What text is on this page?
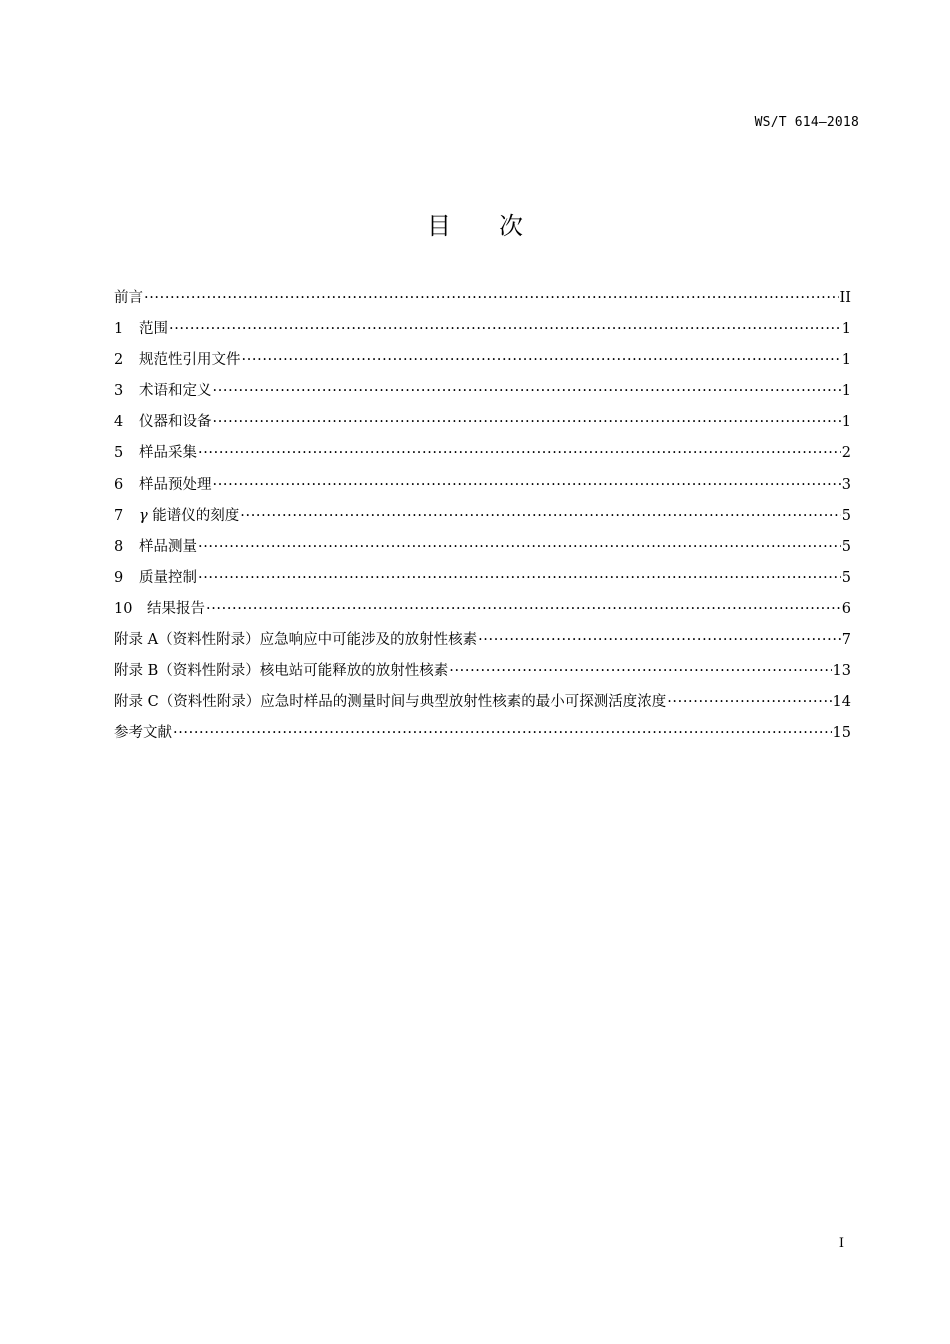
WS/T 614—2018
目 次
前言 ·····	II
1	范围 ·····	1
2	规范性引用文件 ·····	1
3	术语和定义 ·····	1
4	仪器和设备 ·····	1
5	样品采集 ·····	2
6	样品预处理 ·····	3
7	γ 能谱仪的刻度 ·····	5
8	样品测量 ·····	5
9	质量控制 ·····	5
10	结果报告 ·····	6
附录 A（资料性附录） 应急响应中可能涉及的放射性核素 ·····	7
附录 B（资料性附录） 核电站可能释放的放射性核素 ·····	13
附录 C（资料性附录） 应急时样品的测量时间与典型放射性核素的最小可探测活度浓度 ·····	14
参考文献 ·····	15
I
